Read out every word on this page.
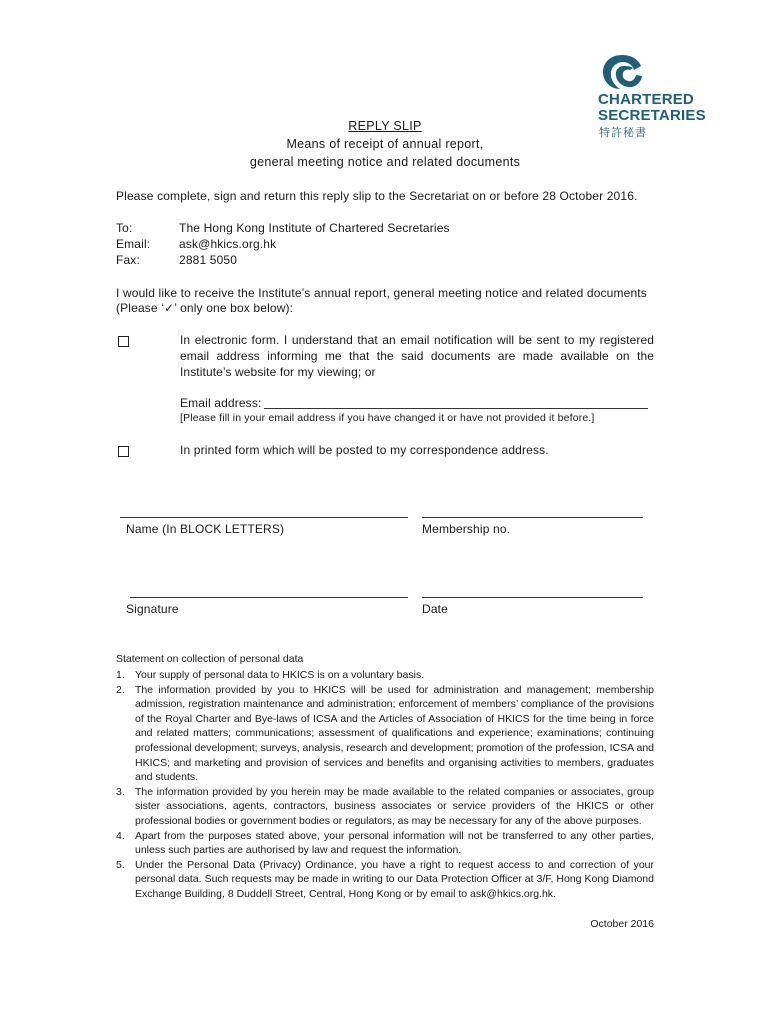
CHARTERED
SECRETARIES
特許秘書
REPLY SLIP
Means of receipt of annual report,
general meeting notice and related documents
Please complete, sign and return this reply slip to the Secretariat on or before 28 October 2016.
To:	The Hong Kong Institute of Chartered Secretaries
Email: ask@hkics.org.hk
Fax:	2881 5050
I would like to receive the Institute’s annual report, general meeting notice and related documents
(Please ‘✓’ only one box below):
In electronic form. I understand that an email notification will be sent to my registered email address informing me that the said documents are made available on the Institute’s website for my viewing; or
Email address:
[Please fill in your email address if you have changed it or have not provided it before.]
In printed form which will be posted to my correspondence address.
Name (In BLOCK LETTERS)	Membership no.
Signature	Date
Statement on collection of personal data
1. Your supply of personal data to HKICS is on a voluntary basis.
2. The information provided by you to HKICS will be used for administration and management; membership admission, registration maintenance and administration; enforcement of members’ compliance of the provisions of the Royal Charter and Bye-laws of ICSA and the Articles of Association of HKICS for the time being in force and related matters; communications; assessment of qualifications and experience; examinations; continuing professional development; surveys, analysis, research and development; promotion of the profession, ICSA and HKICS; and marketing and provision of services and benefits and organising activities to members, graduates and students.
3. The information provided by you herein may be made available to the related companies or associates, group sister associations, agents, contractors, business associates or service providers of the HKICS or other professional bodies or government bodies or regulators, as may be necessary for any of the above purposes.
4. Apart from the purposes stated above, your personal information will not be transferred to any other parties, unless such parties are authorised by law and request the information.
5. Under the Personal Data (Privacy) Ordinance, you have a right to request access to and correction of your personal data. Such requests may be made in writing to our Data Protection Officer at 3/F, Hong Kong Diamond Exchange Building, 8 Duddell Street, Central, Hong Kong or by email to ask@hkics.org.hk.
October 2016
